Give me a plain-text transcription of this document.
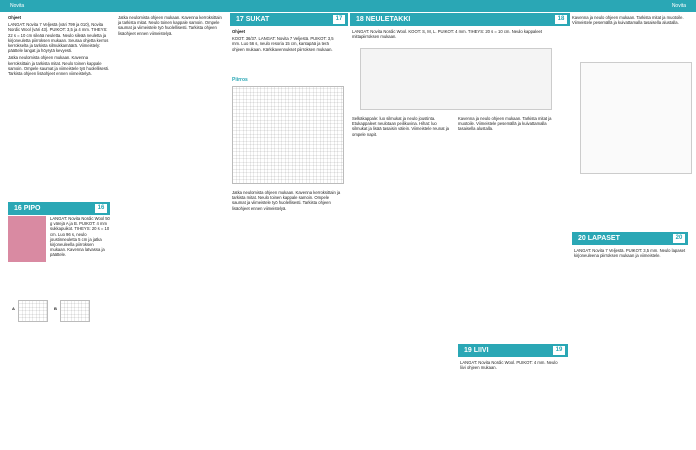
Novita	Novita

Ohjeet

LANGAT: Novita 7 Veljestä (väri 799 ja 010), Novita Nordic Wool (väri 43). PUIKOT: 3,5 ja 4 mm. TIHEYS: 22 s = 10 cm sileää neuletta. Neulo sileää neuletta ja kirjoneuletta piirroksen mukaan. Seuraa ohjetta kerros kerrokselta ja tarkista silmukkamäärä. Viimeistely: päättele langat ja höyrytä kevyesti.

Jatka neulomista ohjeen mukaan. Kavenna kerroksittain ja tarkista mitat. Neulo toinen kappale samoin. Ompele saumat ja viimeistele työ huolellisesti. Tarkista ohjeen lisäohjeet ennen viimeistelyä.

16 PIPO	16

LANGAT: Novita Nordic Wool 50 g värejä A ja B. PUIKOT: 4 mm sukkapuikot. TIHEYS: 20 s = 10 cm. Luo 96 s, neulo joustinneuletta 5 cm ja jatka kirjoneuleella piirroksen mukaan. Kavenna latvassa ja päättele.

A	B

Jatka neulomista ohjeen mukaan. Kavenna kerroksittain ja tarkista mitat. Neulo toinen kappale samoin. Ompele saumat ja viimeistele työ huolellisesti. Tarkista ohjeen lisäohjeet ennen viimeistelyä.

17 SUKAT	17

Ohjeet

KOOT: 36/37. LANGAT: Novita 7 Veljestä. PUIKOT: 3,5 mm. Luo 56 s, neulo resoria 15 cm, kantapää ja terä ohjeen mukaan. Kärkikavennukset piirroksen mukaan.

Piirros

Jatka neulomista ohjeen mukaan. Kavenna kerroksittain ja tarkista mitat. Neulo toinen kappale samoin. Ompele saumat ja viimeistele työ huolellisesti. Tarkista ohjeen lisäohjeet ennen viimeistelyä.

18 NEULETAKKI	18

LANGAT: Novita Nordic Wool. KOOT: S, M, L. PUIKOT: 4 mm. TIHEYS: 20 s = 10 cm. Neulo kappaleet mittapiirroksen mukaan.

Selkäkappale: luo silmukat ja neulo joustinta. Etukappaleet neulotaan peilikuvina. Hihat: luo silmukat ja lisää tasaisin välein. Viimeistele reunat ja ompele napit.

Kavenna ja neulo ohjeen mukaan. Tarkista mitat ja muotoile. Viimeistele pesemällä ja kuivattamalla tasaisella alustalla.

19 LIIVI	19

LANGAT: Novita Nordic Wool. PUIKOT: 4 mm. Neulo liivi ohjeen mukaan.

Kavenna ja neulo ohjeen mukaan. Tarkista mitat ja muotoile. Viimeistele pesemällä ja kuivattamalla tasaisella alustalla.

20 LAPASET	20

LANGAT: Novita 7 Veljestä. PUIKOT: 3,5 mm. Neulo lapaset kirjoneuleena piirroksen mukaan ja viimeistele.
